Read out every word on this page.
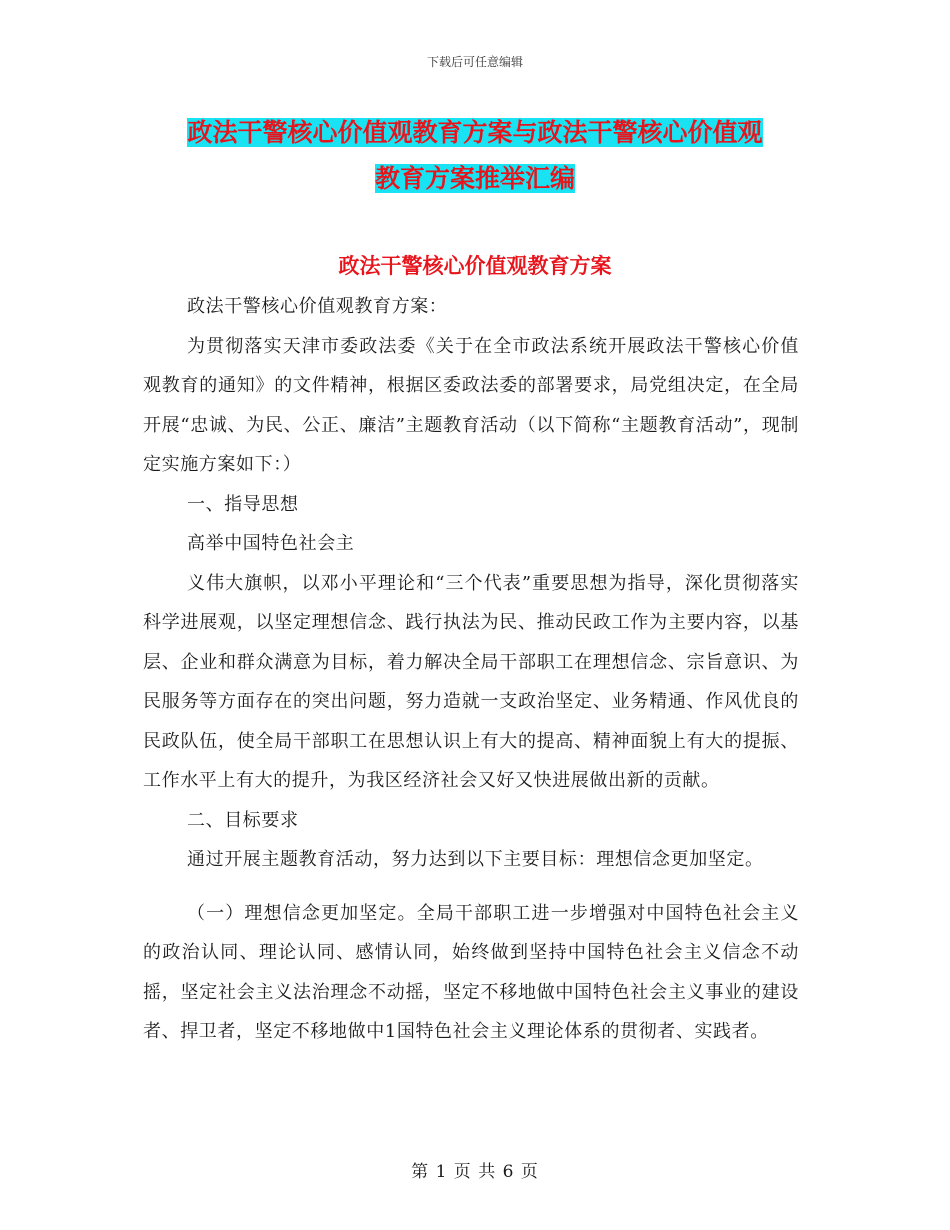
下载后可任意编辑
政法干警核心价值观教育方案与政法干警核心价值观
教育方案推举汇编
政法干警核心价值观教育方案

政法干警核心价值观教育方案：

为贯彻落实天津市委政法委《关于在全市政法系统开展政法干警核心价值观教育的通知》的文件精神，根据区委政法委的部署要求，局党组决定，在全局开展“忠诚、为民、公正、廉洁”主题教育活动（以下简称“主题教育活动”，现制定实施方案如下：）

一、指导思想

高举中国特色社会主

义伟大旗帜，以邓小平理论和“三个代表”重要思想为指导，深化贯彻落实科学进展观，以坚定理想信念、践行执法为民、推动民政工作为主要内容，以基层、企业和群众满意为目标，着力解决全局干部职工在理想信念、宗旨意识、为民服务等方面存在的突出问题，努力造就一支政治坚定、业务精通、作风优良的民政队伍，使全局干部职工在思想认识上有大的提高、精神面貌上有大的提振、工作水平上有大的提升，为我区经济社会又好又快进展做出新的贡献。

二、目标要求

通过开展主题教育活动，努力达到以下主要目标：理想信念更加坚定。

（一）理想信念更加坚定。全局干部职工进一步增强对中国特色社会主义的政治认同、理论认同、感情认同，始终做到坚持中国特色社会主义信念不动摇，坚定社会主义法治理念不动摇，坚定不移地做中国特色社会主义事业的建设者、捍卫者，坚定不移地做中1国特色社会主义理论体系的贯彻者、实践者。

第 1 页 共 6 页
